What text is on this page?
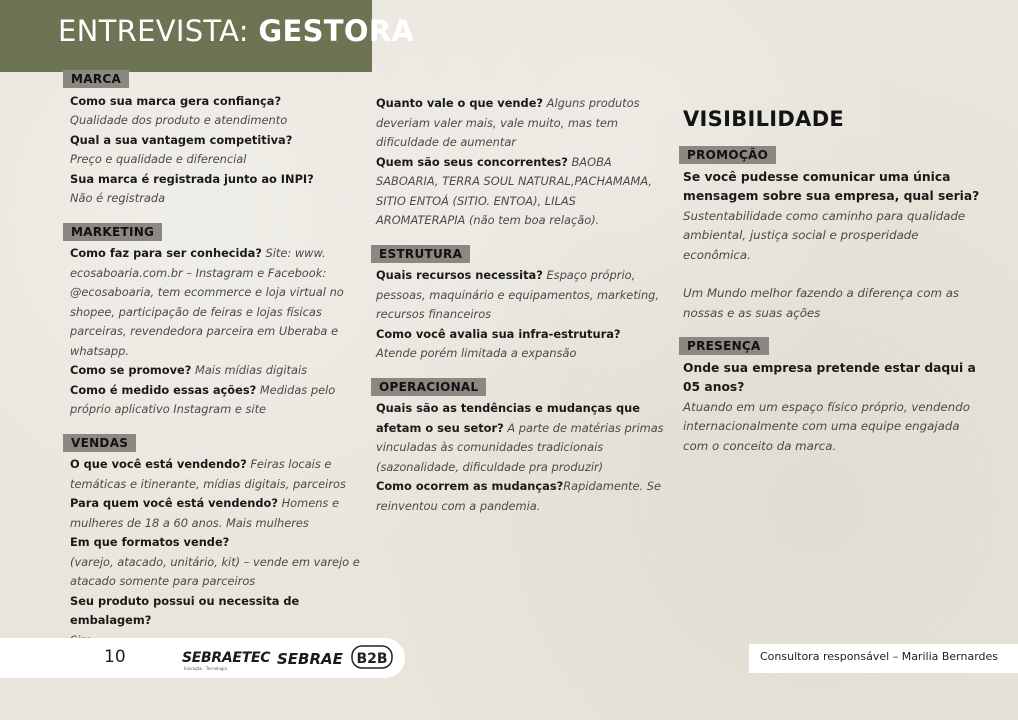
ENTREVISTA: GESTORA
MARCA

Como sua marca gera confiança?

Qualidade dos produto e atendimento

Qual a sua vantagem competitiva?

Preço e qualidade e diferencial

Sua marca é registrada junto ao INPI?

Não é registrada

MARKETING

Como faz para ser conhecida? Site: www. ecosaboaria.com.br – Instagram e Facebook: @ecosaboaria, tem ecommerce e loja virtual no shopee, participação de feiras e lojas físicas parceiras, revendedora parceira em Uberaba e whatsapp.

Como se promove? Mais mídias digitais

Como é medido essas ações? Medidas pelo próprio aplicativo Instagram e site

VENDAS

O que você está vendendo? Feiras locais e temáticas e itinerante, mídias digitais, parceiros

Para quem você está vendendo? Homens e mulheres de 18 a 60 anos. Mais mulheres

Em que formatos vende?

(varejo, atacado, unitário, kit) – vende em varejo e atacado somente para parceiros

Seu produto possui ou necessita de embalagem?

Quanto vale o que vende? Alguns produtos deveriam valer mais, vale muito, mas tem dificuldade de aumentar

Quem são seus concorrentes? BAOBA SABOARIA, TERRA SOUL NATURAL,PACHAMAMA, SITIO ENTOÁ (SITIO. ENTOA), LILAS AROMATERAPIA (não tem boa relação).

ESTRUTURA

Quais recursos necessita? Espaço próprio, pessoas, maquinário e equipamentos, marketing, recursos financeiros

Como você avalia sua infra-estrutura?

Atende porém limitada a expansão

OPERACIONAL

Quais são as tendências e mudanças que afetam o seu setor? A parte de matérias primas vinculadas às comunidades tradicionais (sazonalidade, dificuldade pra produzir)

Como ocorrem as mudanças?Rapidamente. Se reinventou com a pandemia.

VISIBILIDADE
PROMOÇÃO

Se você pudesse comunicar uma única mensagem sobre sua empresa, qual seria?

Sustentabilidade como caminho para qualidade ambiental, justiça social e prosperidade econômica.

Um Mundo melhor fazendo a diferença com as nossas e as suas ações

PRESENÇA

Onde sua empresa pretende estar daqui a 05 anos?

Atuando em um espaço físico próprio, vendendo internacionalmente com uma equipe engajada com o conceito da marca.

10	SEBRAETEC
Inovação · Tecnologia
SEBRAE B2B	Consultora responsável – Marilia Bernardes
